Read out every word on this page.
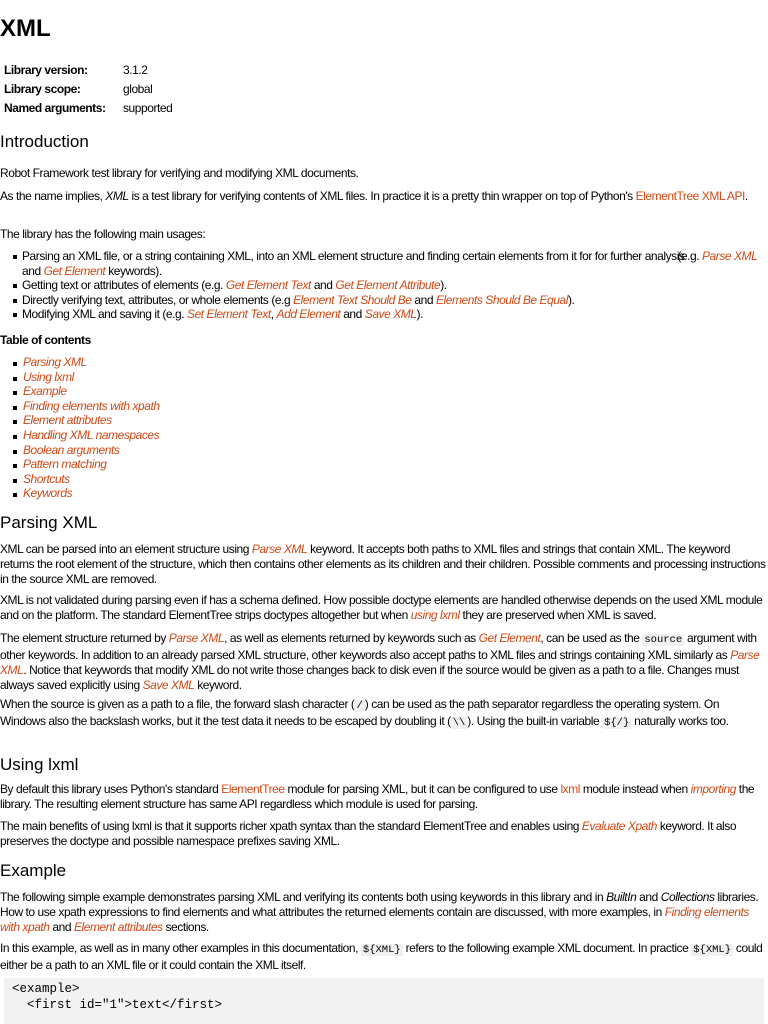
XML
Library version:	3.1.2
Library scope:	global
Named arguments:	supported
Introduction

Robot Framework test library for verifying and modifying XML documents.

As the name implies, XML is a test library for verifying contents of XML files. In practice it is a pretty thin wrapper on top of Python's ElementTree XML API.

The library has the following main usages:

Parsing an XML file, or a string containing XML, into an XML element structure and finding certain elements from it for for further analysis (e.g. Parse XML and Get Element keywords).
Getting text or attributes of elements (e.g. Get Element Text and Get Element Attribute).
Directly verifying text, attributes, or whole elements (e.g Element Text Should Be and Elements Should Be Equal).
Modifying XML and saving it (e.g. Set Element Text, Add Element and Save XML).
Table of contents
Parsing XML
Using lxml
Example
Finding elements with xpath
Element attributes
Handling XML namespaces
Boolean arguments
Pattern matching
Shortcuts
Keywords
Parsing XML

XML can be parsed into an element structure using Parse XML keyword. It accepts both paths to XML files and strings that contain XML. The keyword returns the root element of the structure, which then contains other elements as its children and their children. Possible comments and processing instructions in the source XML are removed.

XML is not validated during parsing even if has a schema defined. How possible doctype elements are handled otherwise depends on the used XML module and on the platform. The standard ElementTree strips doctypes altogether but when using lxml they are preserved when XML is saved.

The element structure returned by Parse XML, as well as elements returned by keywords such as Get Element, can be used as the source argument with other keywords. In addition to an already parsed XML structure, other keywords also accept paths to XML files and strings containing XML similarly as Parse XML. Notice that keywords that modify XML do not write those changes back to disk even if the source would be given as a path to a file. Changes must always saved explicitly using Save XML keyword.

When the source is given as a path to a file, the forward slash character ( / ) can be used as the path separator regardless the operating system. On Windows also the backslash works, but it the test data it needs to be escaped by doubling it ( \\ ). Using the built-in variable ${/} naturally works too.

Using lxml

By default this library uses Python's standard ElementTree module for parsing XML, but it can be configured to use lxml module instead when importing the library. The resulting element structure has same API regardless which module is used for parsing.

The main benefits of using lxml is that it supports richer xpath syntax than the standard ElementTree and enables using Evaluate Xpath keyword. It also preserves the doctype and possible namespace prefixes saving XML.

Example

The following simple example demonstrates parsing XML and verifying its contents both using keywords in this library and in BuiltIn and Collections libraries. How to use xpath expressions to find elements and what attributes the returned elements contain are discussed, with more examples, in Finding elements with xpath and Element attributes sections.

In this example, as well as in many other examples in this documentation, ${XML} refers to the following example XML document. In practice ${XML} could either be a path to an XML file or it could contain the XML itself.

<example>
<first id="1">text</first>
